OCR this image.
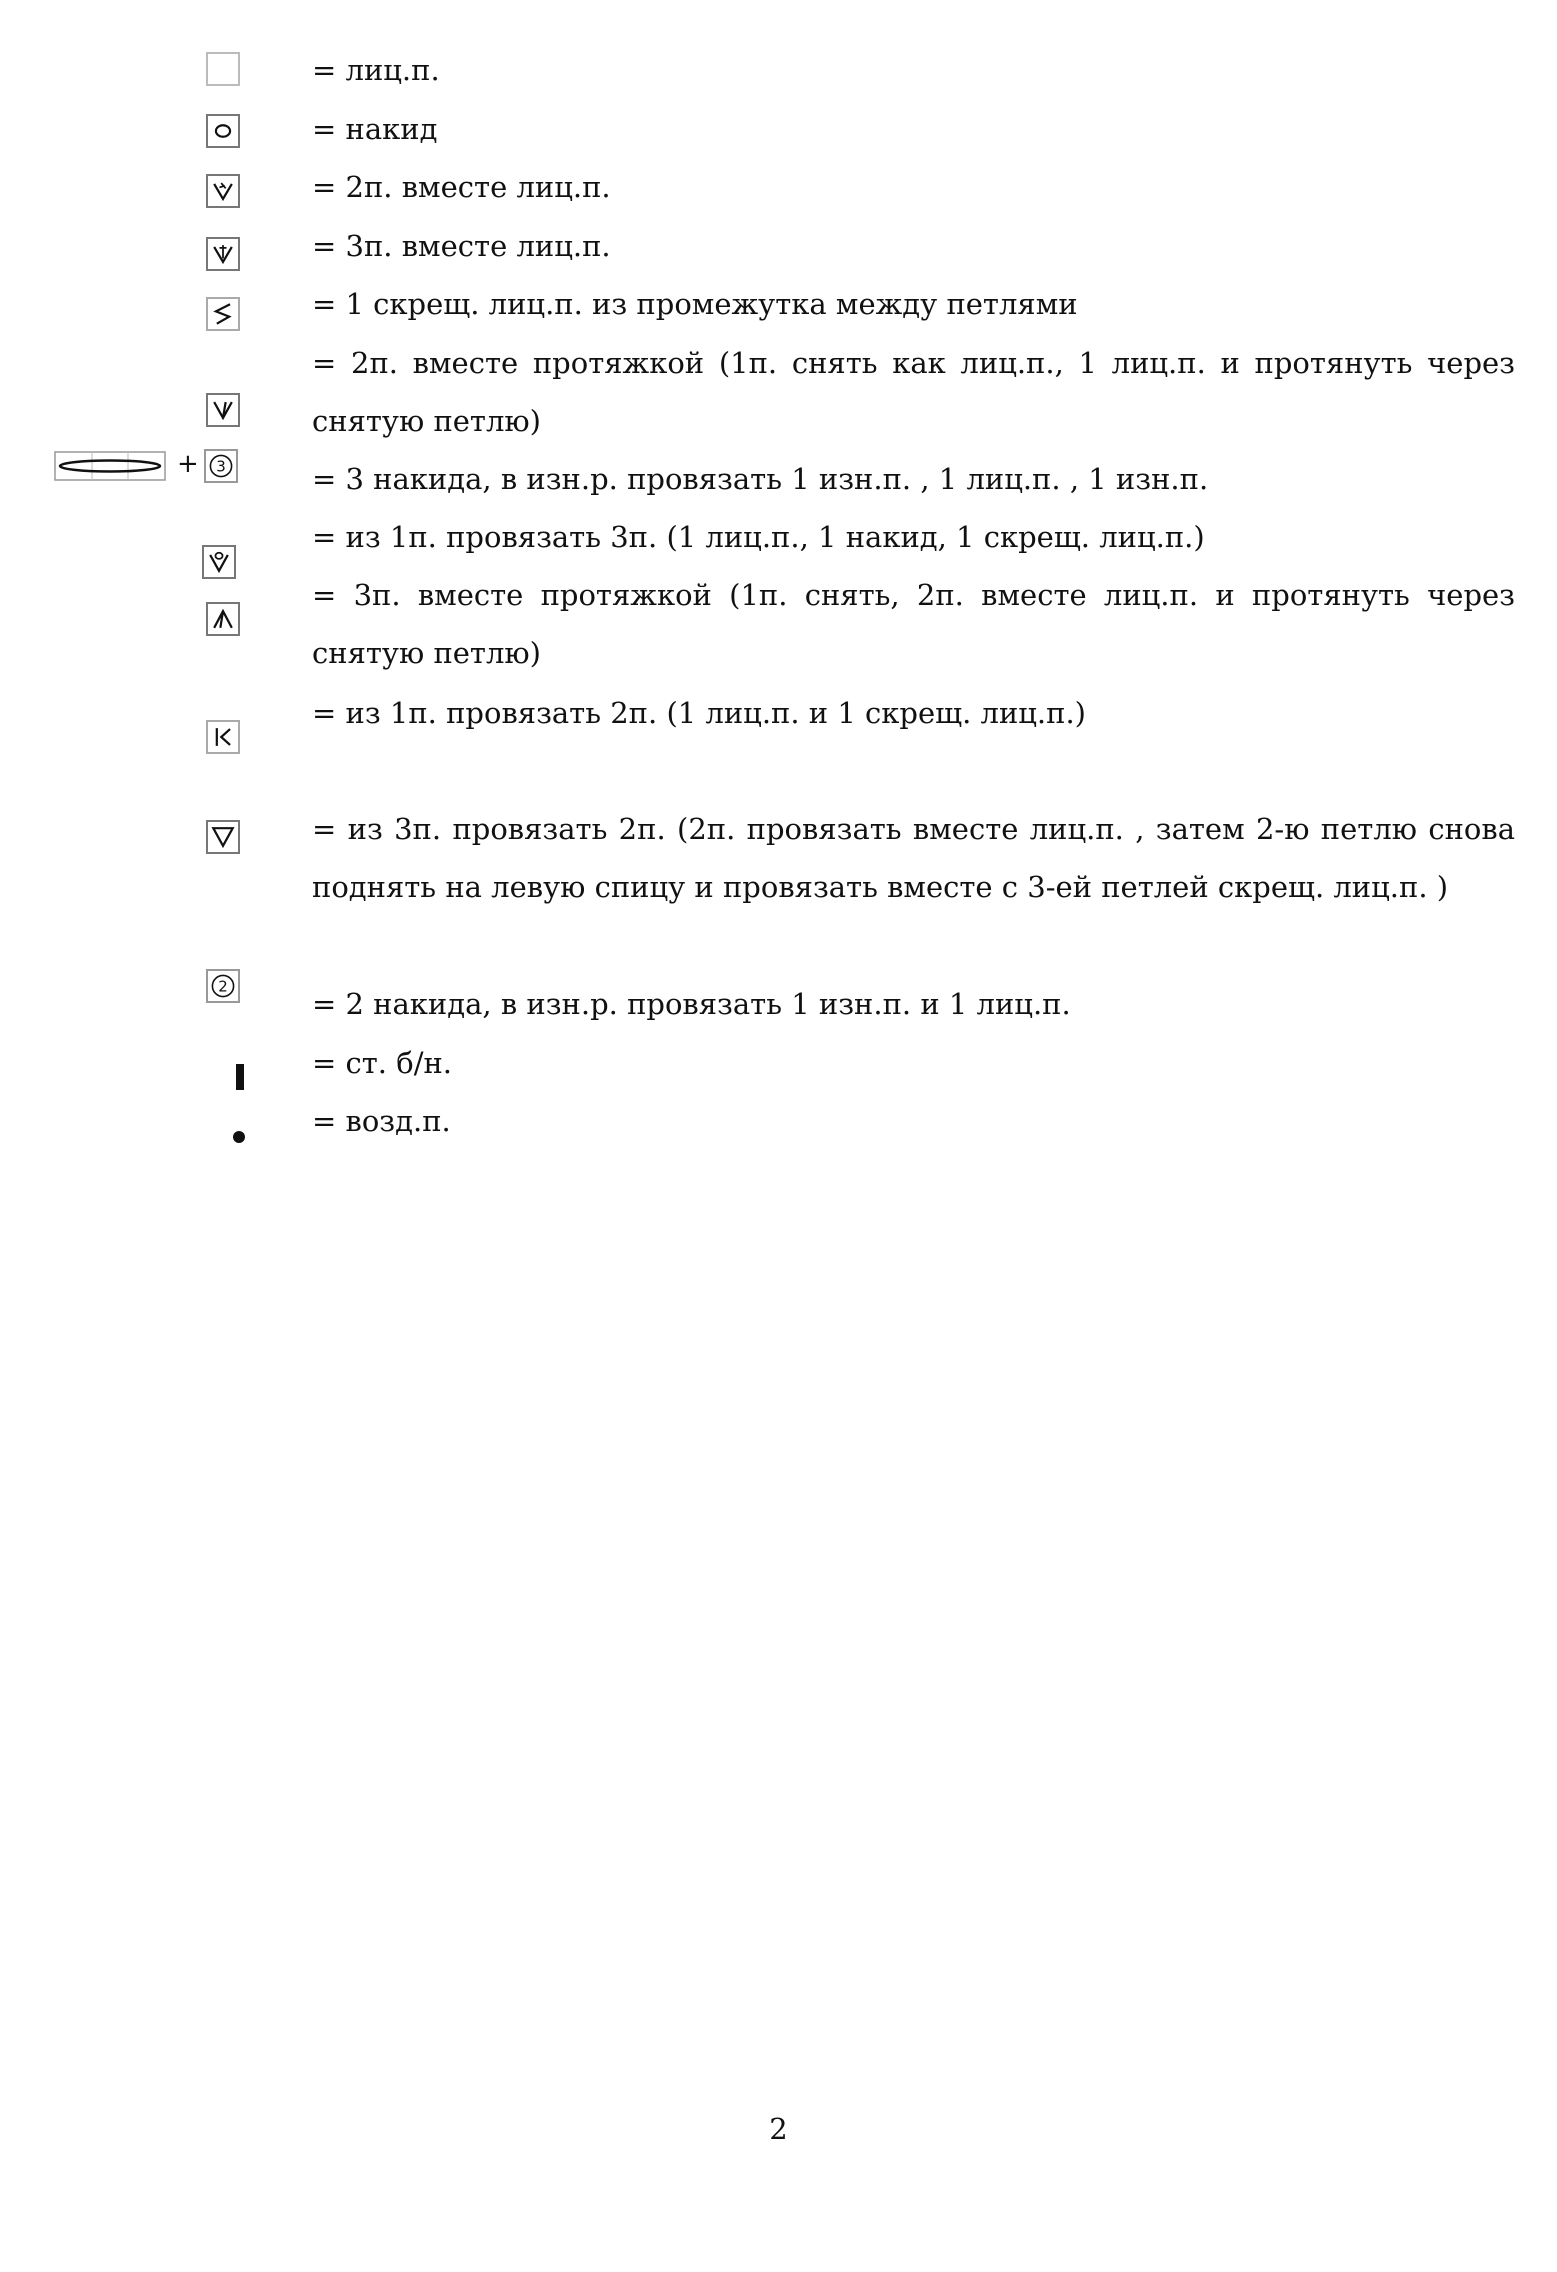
= лиц.п.
= накид
= 2п. вместе лиц.п.
= 3п. вместе лиц.п.
= 1 скрещ. лиц.п. из промежутка между петлями
= 2п. вместе протяжкой (1п. снять как лиц.п., 1 лиц.п. и протянуть через снятую петлю)
+ 3	= 3 накида, в изн.р. провязать 1 изн.п. , 1 лиц.п. , 1 изн.п.
= из 1п. провязать 3п. (1 лиц.п., 1 накид, 1 скрещ. лиц.п.)
= 3п. вместе протяжкой (1п. снять, 2п. вместе лиц.п. и протянуть через снятую петлю)
= из 1п. провязать 2п. (1 лиц.п. и 1 скрещ. лиц.п.)
= из 3п. провязать 2п. (2п. провязать вместе лиц.п. , затем 2-ю петлю снова поднять на левую спицу и провязать вместе с 3-ей петлей скрещ. лиц.п. )
2
= 2 накида, в изн.р. провязать 1 изн.п. и 1 лиц.п.
= ст. б/н.
= возд.п.
2
